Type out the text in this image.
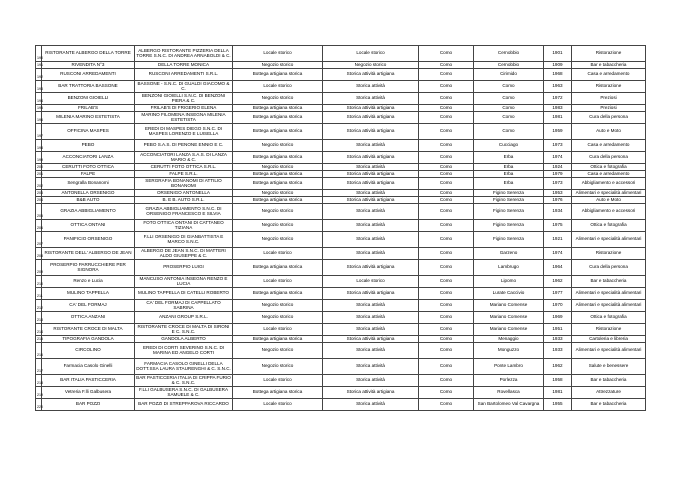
190	RISTORANTE ALBERGO DELLA TORRE	ALBERGO RISTORANTE PIZZERIA DELLA TORRE S.N.C. DI ANDREA ARNABOLDI & C.	Locale storico	Locale storico	Como	Cernobbio	1901	Ristorazione
191	RIVENDITA N°3	DELLA TORRE MONICA	Negozio storico	Negozio storico	Como	Cernobbio	1909	Bar e tabaccheria
192	RUSCONI ARREDAMENTI	RUSCONI ARREDAMENTI S.R.L.	Bottega artigiana storica	Storica attività artigiana	Como	Cirimido	1968	Casa e arredamento
193	BAR TRATTORIA BASSONE	BASSONE - S.N.C. DI GUALDI GIACOMO & C.	Locale storico	Storica attività	Como	Como	1963	Ristorazione
194	BENZONI GIOIELLI	BENZONI GIOIELLI S.N.C. DI BENZONI PIERA & C.	Negozio storico	Storica attività	Como	Como	1972	Preziosi
195	FRILAB'S	FRILAB'S DI FRIGERIO ELENA	Bottega artigiana storica	Storica attività artigiana	Como	Como	1983	Preziosi
196	MILENIA MARINO ESTETISTA	MARINO FILOMENA INSEGNA MILENIA ESTETISTA	Bottega artigiana storica	Storica attività artigiana	Como	Como	1981	Cura della persona
197	OFFICINA MASPES	EREDI DI MASPES DIEGO S.N.C. DI MASPES LORENZO E LUISELLA	Bottega artigiana storica	Storica attività artigiana	Como	Como	1959	Auto e Moto
198	PEBO	PEBO S.A.S. DI PENONE ENNIO E C.	Negozio storico	Storica attività	Como	Cucciago	1973	Casa e arredamento
199	ACCONCIATORI LANZA	ACCONCIATORI LANZA S.A.S. DI LANZA MARIO & C.	Bottega artigiana storica	Storica attività artigiana	Como	Erba	1974	Cura della persona
200	CERUTTI FOTO OTTICA	CERUTTI FOTO OTTICA S.R.L.	Negozio storico	Storica attività	Como	Erba	1924	Ottica e fotografia
201	FALPE	FALPE S.R.L.	Bottega artigiana storica	Storica attività artigiana	Como	Erba	1979	Casa e arredamento
202	Sengralla Bonanomi	SERGRAFIA BONANOMI DI ATTILIO BONANOMI	Bottega artigiana storica	Storica attività artigiana	Como	Erba	1973	Abbigliamento e accessori
203	ANTONELLA ORSENIGO	ORSENIGO ANTONELLA	Negozio storico	Storica attività	Como	Figino Serenza	1953	Alimentari e specialità alimentari
204	B&B AUTO	B. E B. AUTO S.R.L.	Bottega artigiana storica	Storica attività artigiana	Como	Figino Serenza	1976	Auto e Moto
205	GRAZIA ABBIGLIAMENTO	GRAZIA ABBIGLIAMENTO S.N.C. DI ORSENIGO FRANCESCO E SILVIA	Negozio storico	Storica attività	Como	Figino Serenza	1934	Abbigliamento e accessori
206	OTTICA ONTANI	FOTO OTTICA ONTANI DI CATTANEO TIZIANA	Negozio storico	Storica attività	Como	Figino Serenza	1975	Ottica e fotografia
207	PANIFICIO ORSENIGO	F.LLI ORSENIGO DI GIANBATTISTA E MARCO S.N.C.	Negozio storico	Storica attività	Como	Figino Serenza	1921	Alimentari e specialità alimentari
208	RISTORANTE DELL' ALBERGO DE JEAN	ALBERGO DE JEAN S.N.C. DI MATTERI ALDO GIUSEPPE & C.	Locale storico	Storica attività	Como	Garzeno	1974	Ristorazione
209	PROSERPIO PARRUCCHIERE PER SIGNORA	PROSERPIO LUIGI	Bottega artigiana storica	Storica attività artigiana	Como	Lambrugo	1964	Cura della persona
210	Renzo e Lucia	MANCUSO ANTONIA INSEGNA RENZO E LUCIA	Locale storico	Locale storico	Como	Lipomo	1962	Bar e tabaccheria
211	MULINO TAPPELLA	MULINO TAPPELLA DI CATELLI ROBERTO	Bottega artigiana storica	Storica attività artigiana	Como	Lurate Caccivio	1977	Alimentari e specialità alimentari
212	CA' DEL FORMAJ	CA' DEL FORMAJ DI CAPPELLATO SABRINA	Negozio storico	Storica attività	Como	Mariano Comense	1970	Alimentari e specialità alimentari
213	OTTICA ANZANI	ANZANI GROUP S.R.L.	Negozio storico	Storica attività	Como	Mariano Comense	1969	Ottica e fotografia
214	RISTORANTE CROCE DI MALTA	RISTORANTE CROCE DI MALTA DI SIRONI E C. S.N.C.	Locale storico	Storica attività	Como	Mariano Comense	1951	Ristorazione
215	TIPOGRAFIA GANDOLA	GANDOLA ALBERTO	Bottega artigiana storica	Storica attività artigiana	Como	Menaggio	1933	Cartoleria e libreria
216	CIRCOLINO	EREDI DI CORTI SEVERINO S.N.C. DI MARINA ED ANGELO CORTI	Negozio storico	Storica attività	Como	Monguzzo	1933	Alimentari e specialità alimentari
217	Farmacia Casolo Ginelli	FARMACIA CASOLO GINELLI DELLA DOTT.SSA LAURA STAURENGHI & C. S.N.C.	Negozio storico	Storica attività	Como	Ponte Lambro	1962	Salute e benessere
218	BAR ITALIA PASTICCERIA	BAR PASTICCERIA ITALIA DI CRIPPA FURIO & C. S.N.C.	Locale storico	Storica attività	Como	Porlezza	1958	Bar e tabaccheria
219	Vetreria F.lli Galbusera	F.LLI GALBUSERA S.N.C. DI GALBUSERA SAMUELE & C.	Bottega artigiana storica	Storica attività artigiana	Como	Rovellasca	1981	Attrezzature
220	BAR POZZI	BAR POZZI DI STREPPAROVA RICCARDO	Locale storico	Storica attività	Como	San Bartolomeo Val Cavargna	1955	Bar e tabaccheria
